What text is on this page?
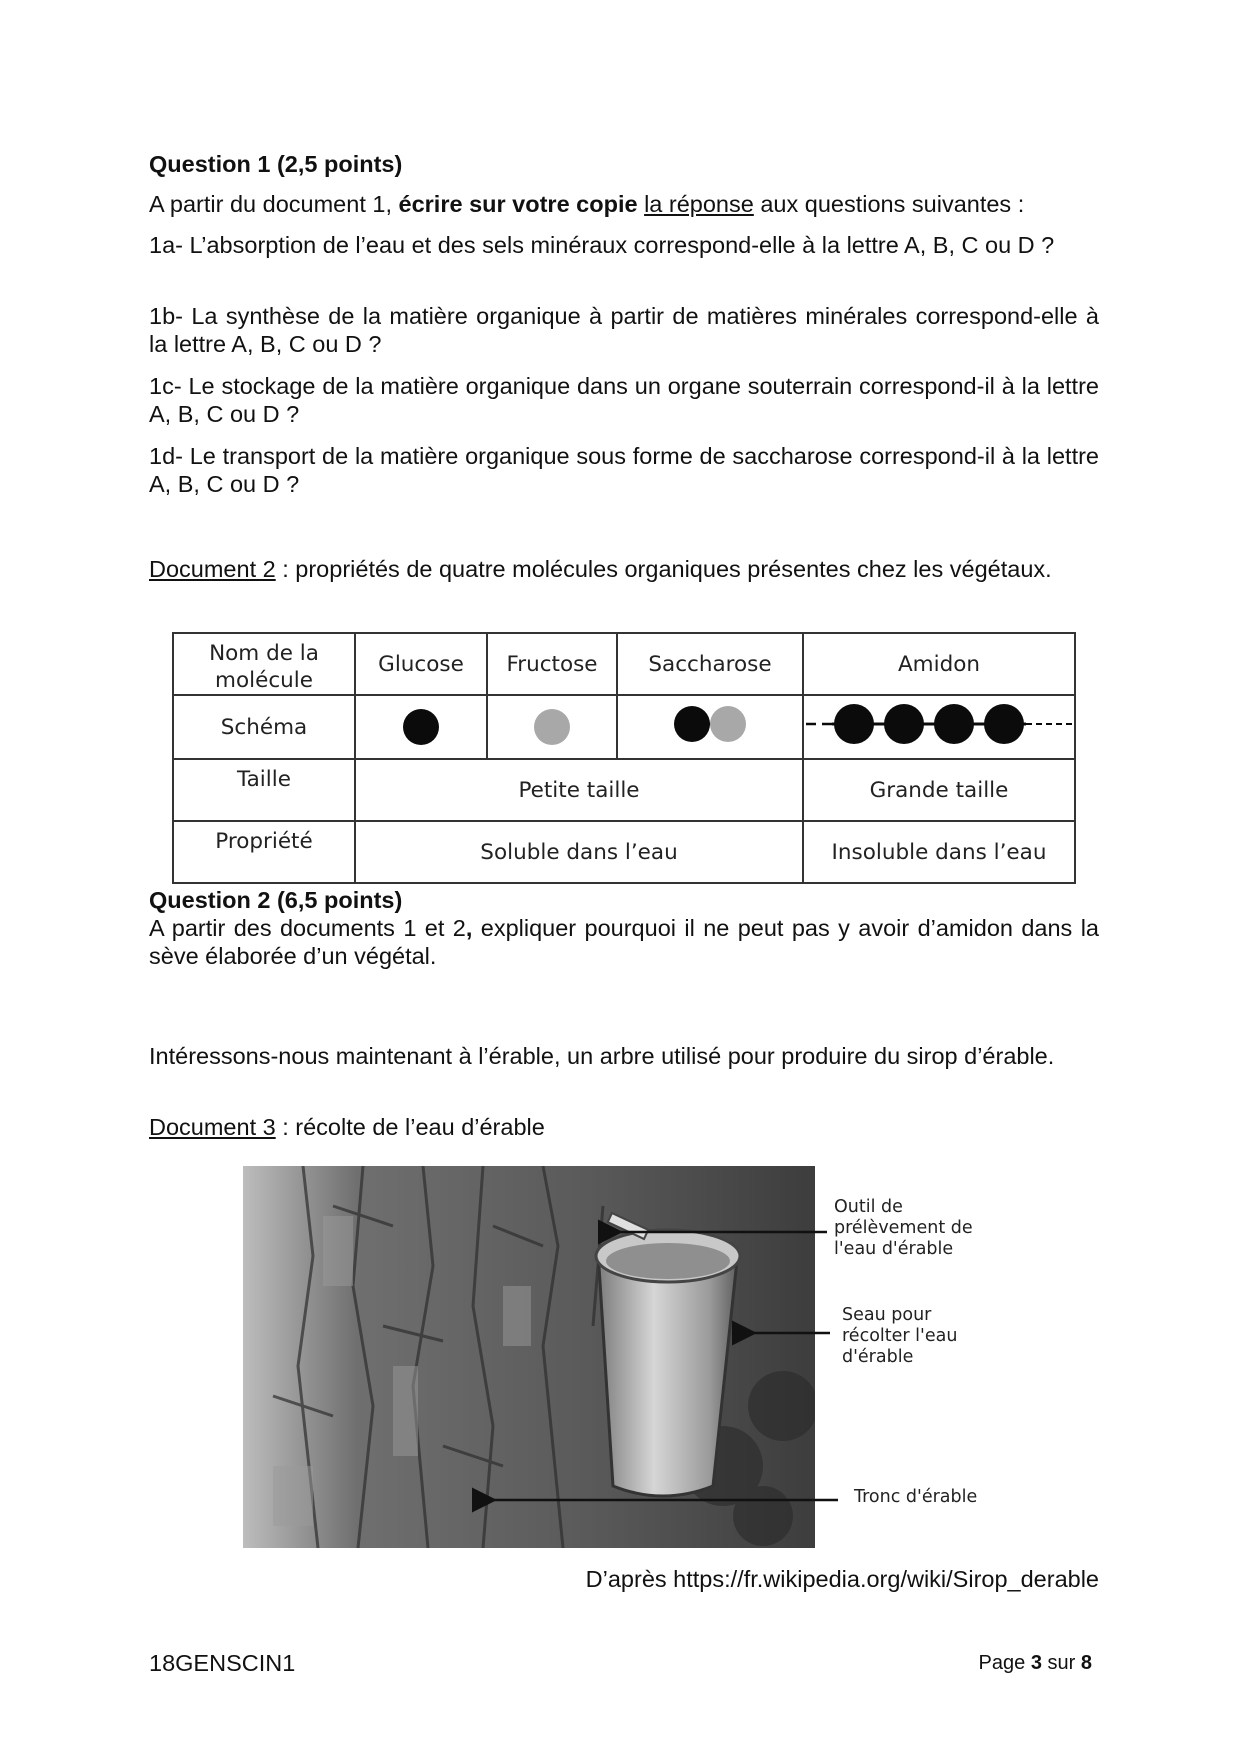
Question 1 (2,5 points)

A partir du document 1, écrire sur votre copie la réponse aux questions suivantes :

1a- L’absorption de l’eau et des sels minéraux correspond-elle à la lettre A, B, C ou D ?

1b- La synthèse de la matière organique à partir de matières minérales correspond-elle à la lettre A, B, C ou D ?

1c- Le stockage de la matière organique dans un organe souterrain correspond-il à la lettre A, B, C ou D ?

1d- Le transport de la matière organique sous forme de saccharose correspond-il à la lettre A, B, C ou D ?

Document 2 : propriétés de quatre molécules organiques présentes chez les végétaux.

Nom de la molécule	Glucose	Fructose	Saccharose	Amidon
Schéma				
Taille	Petite taille			Grande taille
Propriété	Soluble dans l’eau			Insoluble dans l’eau

Question 2 (6,5 points)

A partir des documents 1 et 2, expliquer pourquoi il ne peut pas y avoir d’amidon dans la sève élaborée d’un végétal.

Intéressons-nous maintenant à l’érable, un arbre utilisé pour produire du sirop d’érable.

Document 3 : récolte de l’eau d’érable

Outil de prélèvement de l'eau d'érable
Seau pour récolter l'eau d'érable
Tronc d'érable

D’après https://fr.wikipedia.org/wiki/Sirop_derable

18GENSCIN1	Page 3 sur 8
